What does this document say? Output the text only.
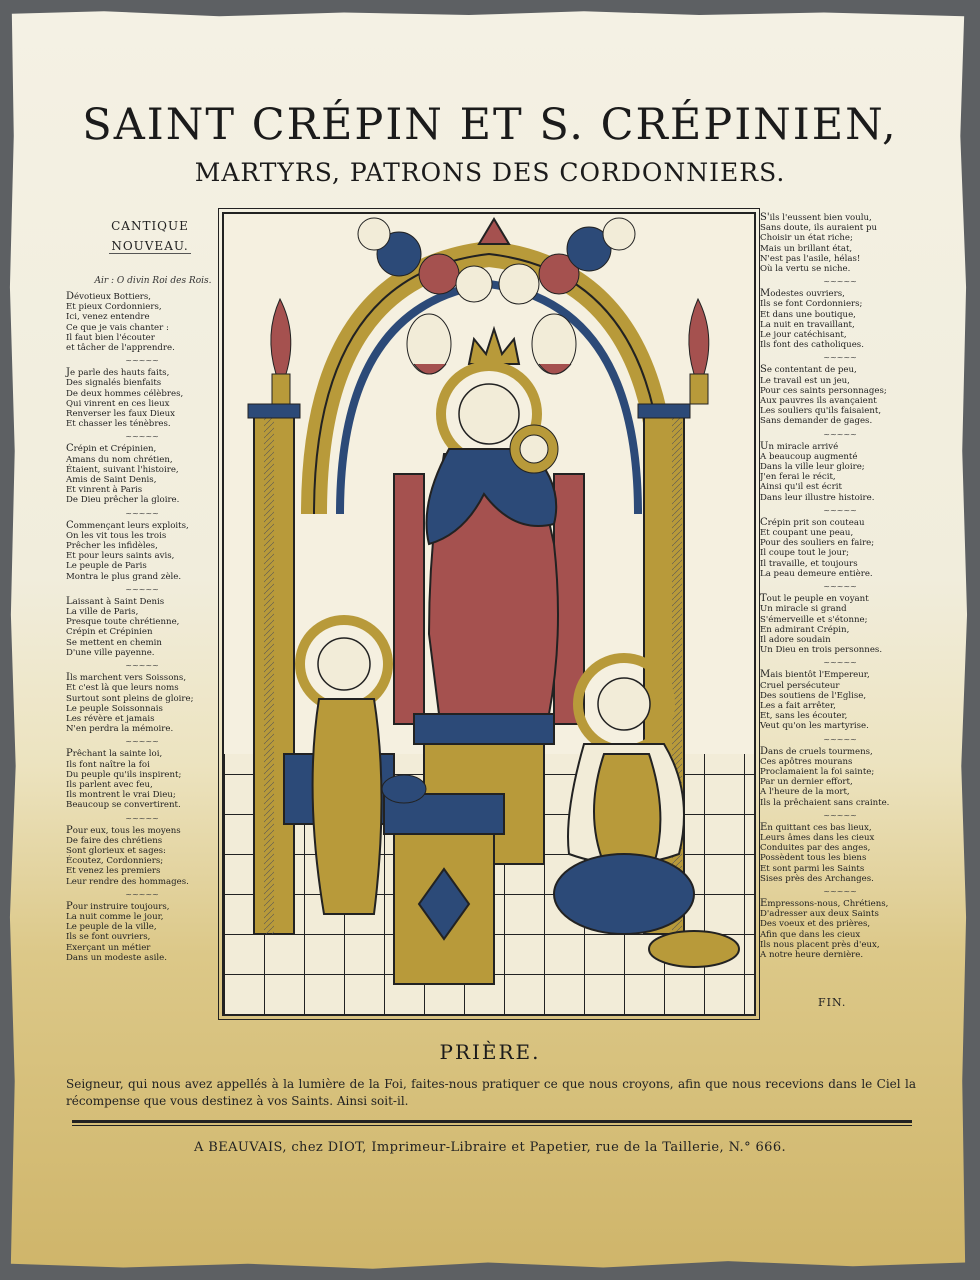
SAINT CRÉPIN ET S. CRÉPINIEN,
MARTYRS, PATRONS DES CORDONNIERS.
CANTIQUE
NOUVEAU.
Air : O divin Roi des Rois.
Dévotieux Bottiers,
Et pieux Cordonniers,
Ici, venez entendre
Ce que je vais chanter :
Il faut bien l'écouter
et tâcher de l'apprendre.
~~~~~
Je parle des hauts faits,
Des signalés bienfaits
De deux hommes célèbres,
Qui vinrent en ces lieux
Renverser les faux Dieux
Et chasser les ténèbres.
~~~~~
Crépin et Crépinien,
Amans du nom chrétien,
Étaient, suivant l'histoire,
Amis de Saint Denis,
Et vinrent à Paris
De Dieu prêcher la gloire.
~~~~~
Commençant leurs exploits,
On les vit tous les trois
Prêcher les infidèles,
Et pour leurs saints avis,
Le peuple de Paris
Montra le plus grand zèle.
~~~~~
Laissant à Saint Denis
La ville de Paris,
Presque toute chrétienne,
Crépin et Crépinien
Se mettent en chemin
D'une ville payenne.
~~~~~
Ils marchent vers Soissons,
Et c'est là que leurs noms
Surtout sont pleins de gloire;
Le peuple Soissonnais
Les révère et jamais
N'en perdra la mémoire.
~~~~~
Prêchant la sainte loi,
Ils font naître la foi
Du peuple qu'ils inspirent;
Ils parlent avec feu,
Ils montrent le vrai Dieu;
Beaucoup se convertirent.
~~~~~
Pour eux, tous les moyens
De faire des chrétiens
Sont glorieux et sages:
Écoutez, Cordonniers;
Et venez les premiers
Leur rendre des hommages.
~~~~~
Pour instruire toujours,
La nuit comme le jour,
Le peuple de la ville,
Ils se font ouvriers,
Exerçant un métier
Dans un modeste asile.
S'ils l'eussent bien voulu,
Sans doute, ils auraient pu
Choisir un état riche;
Mais un brillant état,
N'est pas l'asile, hélas!
Où la vertu se niche.
~~~~~
Modestes ouvriers,
Ils se font Cordonniers;
Et dans une boutique,
La nuit en travaillant,
Le jour catéchisant,
Ils font des catholiques.
~~~~~
Se contentant de peu,
Le travail est un jeu,
Pour ces saints personnages;
Aux pauvres ils avançaient
Les souliers qu'ils faisaient,
Sans demander de gages.
~~~~~
Un miracle arrivé
A beaucoup augmenté
Dans la ville leur gloire;
J'en ferai le récit,
Ainsi qu'il est écrit
Dans leur illustre histoire.
~~~~~
Crépin prit son couteau
Et coupant une peau,
Pour des souliers en faire;
Il coupe tout le jour;
Il travaille, et toujours
La peau demeure entière.
~~~~~
Tout le peuple en voyant
Un miracle si grand
S'émerveille et s'étonne;
En admirant Crépin,
Il adore soudain
Un Dieu en trois personnes.
~~~~~
Mais bientôt l'Empereur,
Cruel persécuteur
Des soutiens de l'Eglise,
Les a fait arrêter,
Et, sans les écouter,
Veut qu'on les martyrise.
~~~~~
Dans de cruels tourmens,
Ces apôtres mourans
Proclamaient la foi sainte;
Par un dernier effort,
A l'heure de la mort,
Ils la prêchaient sans crainte.
~~~~~
En quittant ces bas lieux,
Leurs âmes dans les cieux
Conduites par des anges,
Possèdent tous les biens
Et sont parmi les Saints
Sises près des Archanges.
~~~~~
Empressons-nous, Chrétiens,
D'adresser aux deux Saints
Des voeux et des prières,
Afin que dans les cieux
Ils nous placent près d'eux,
A notre heure dernière.
FIN.
PRIÈRE.

Seigneur, qui nous avez appellés à la lumière de la Foi, faites-nous pratiquer ce que nous croyons, afin que nous recevions dans le Ciel la récompense que vous destinez à vos Saints. Ainsi soit-il.

A BEAUVAIS, chez DIOT, Imprimeur-Libraire et Papetier, rue de la Taillerie, N.° 666.
